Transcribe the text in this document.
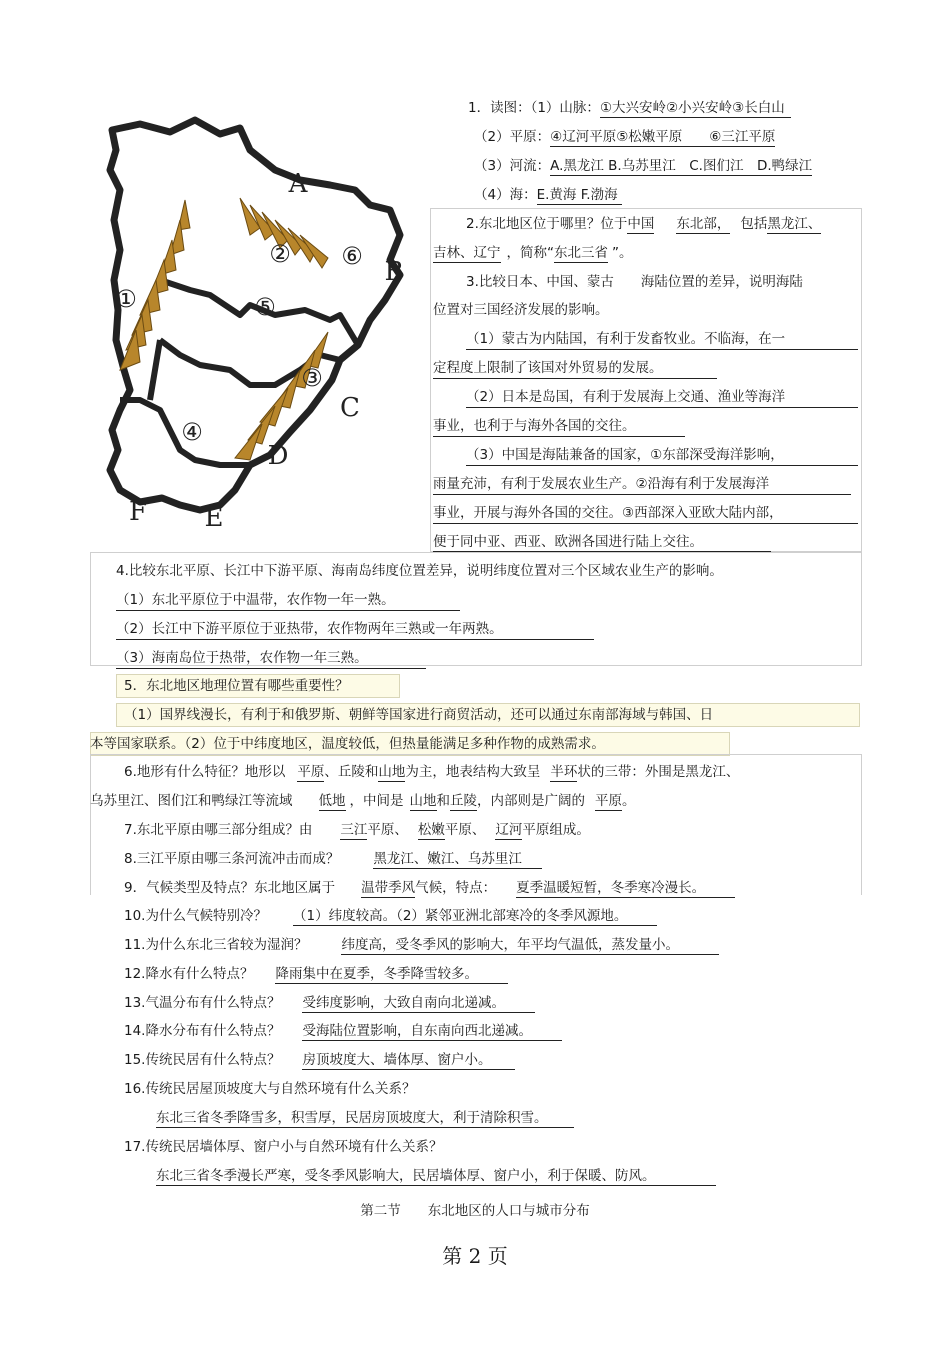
①
②
③
④
⑤
⑥
A
B
C
D
E
F
1．读图：（1）山脉：①大兴安岭②小兴安岭③长白山
（2）平原：④辽河平原⑤松嫩平原　　⑥三江平原
（3）河流：A.黑龙江 B.乌苏里江　C.图们江　D.鸭绿江
（4）海：E.黄海 F.渤海
2.东北地区位于哪里？位于中国 东北部， 包括黑龙江、
吉林、辽宁 ，简称“东北三省 ”。
3.比较日本、中国、蒙古　　海陆位置的差异，说明海陆
位置对三国经济发展的影响。
（1）蒙古为内陆国，有利于发畜牧业。不临海，在一
定程度上限制了该国对外贸易的发展。
（2）日本是岛国，有利于发展海上交通、渔业等海洋
事业，也利于与海外各国的交往。
（3）中国是海陆兼备的国家，①东部深受海洋影响，
雨量充沛，有利于发展农业生产。②沿海有利于发展海洋
事业，开展与海外各国的交往。③西部深入亚欧大陆内部，
便于同中亚、西亚、欧洲各国进行陆上交往。
4.比较东北平原、长江中下游平原、海南岛纬度位置差异，说明纬度位置对三个区域农业生产的影响。
（1）东北平原位于中温带，农作物一年一熟。
（2）长江中下游平原位于亚热带，农作物两年三熟或一年两熟。
（3）海南岛位于热带，农作物一年三熟。
5．东北地区地理位置有哪些重要性？
（1）国界线漫长，有利于和俄罗斯、朝鲜等国家进行商贸活动，还可以通过东南部海域与韩国、日
本等国家联系。（2）位于中纬度地区，温度较低，但热量能满足多种作物的成熟需求。
6.地形有什么特征？地形以 平原、丘陵和山地为主，地表结构大致呈 半环状的三带：外围是黑龙江、
乌苏里江、图们江和鸭绿江等流域 低地 ，中间是 山地和丘陵，内部则是广阔的 平原。
7.东北平原由哪三部分组成？由 三江平原、 松嫩平原、 辽河平原组成。
8.三江平原由哪三条河流冲击而成？	黑龙江、嫩江、乌苏里江
9．气候类型及特点？东北地区属于 温带季风气候，特点： 夏季温暖短暂，冬季寒冷漫长。
10.为什么气候特别冷？ （1）纬度较高。（2）紧邻亚洲北部寒冷的冬季风源地。
11.为什么东北三省较为湿润？	纬度高，受冬季风的影响大，年平均气温低，蒸发量小。
12.降水有什么特点？ 降雨集中在夏季，冬季降雪较多。
13.气温分布有什么特点？ 受纬度影响，大致自南向北递减。
14.降水分布有什么特点？ 受海陆位置影响，自东南向西北递减。
15.传统民居有什么特点？ 房顶坡度大、墙体厚、窗户小。
16.传统民居屋顶坡度大与自然环境有什么关系？
东北三省冬季降雪多，积雪厚，民居房顶坡度大，利于清除积雪。
17.传统民居墙体厚、窗户小与自然环境有什么关系？
东北三省冬季漫长严寒，受冬季风影响大，民居墙体厚、窗户小，利于保暖、防风。
第二节　　东北地区的人口与城市分布
第 2 页
